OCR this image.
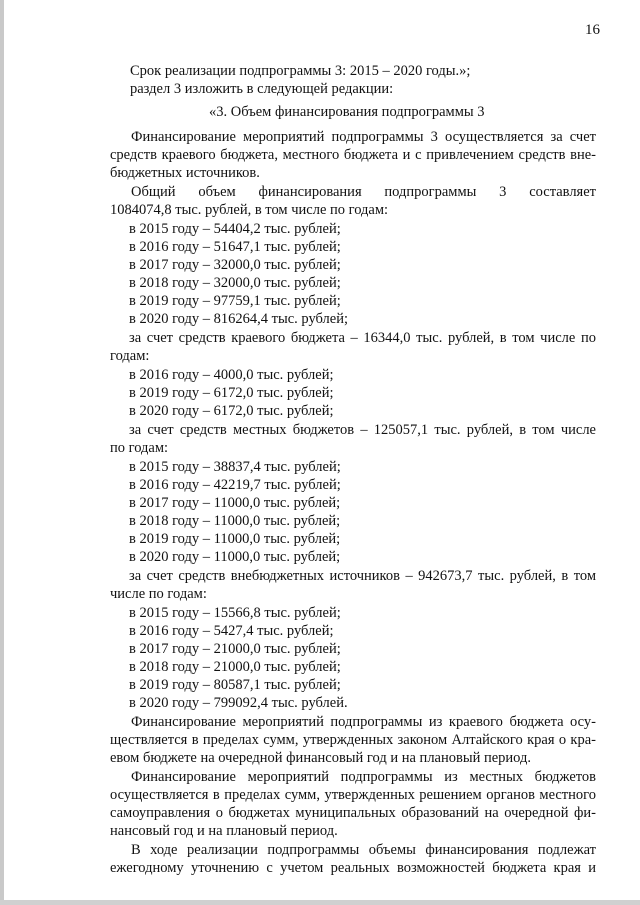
16
Срок реализации подпрограммы 3: 2015 – 2020 годы.»;
раздел 3 изложить в следующей редакции:
«3. Объем финансирования подпрограммы 3
Финансирование мероприятий подпрограммы 3 осуществляется за счет
средств краевого бюджета, местного бюджета и с привлечением средств вне-
бюджетных источников.
Общий объем финансирования подпрограммы 3 составляет
1084074,8 тыс. рублей, в том числе по годам:
в 2015 году – 54404,2 тыс. рублей;
в 2016 году – 51647,1 тыс. рублей;
в 2017 году – 32000,0 тыс. рублей;
в 2018 году – 32000,0 тыс. рублей;
в 2019 году – 97759,1 тыс. рублей;
в 2020 году – 816264,4 тыс. рублей;
за счет средств краевого бюджета – 16344,0 тыс. рублей, в том числе по
годам:
в 2016 году – 4000,0 тыс. рублей;
в 2019 году – 6172,0 тыс. рублей;
в 2020 году – 6172,0 тыс. рублей;
за счет средств местных бюджетов – 125057,1 тыс. рублей, в том числе
по годам:
в 2015 году – 38837,4 тыс. рублей;
в 2016 году – 42219,7 тыс. рублей;
в 2017 году – 11000,0 тыс. рублей;
в 2018 году – 11000,0 тыс. рублей;
в 2019 году – 11000,0 тыс. рублей;
в 2020 году – 11000,0 тыс. рублей;
за счет средств внебюджетных источников – 942673,7 тыс. рублей, в том
числе по годам:
в 2015 году – 15566,8 тыс. рублей;
в 2016 году – 5427,4 тыс. рублей;
в 2017 году – 21000,0 тыс. рублей;
в 2018 году – 21000,0 тыс. рублей;
в 2019 году – 80587,1 тыс. рублей;
в 2020 году – 799092,4 тыс. рублей.
Финансирование мероприятий подпрограммы из краевого бюджета осу-
ществляется в пределах сумм, утвержденных законом Алтайского края о кра-
евом бюджете на очередной финансовый год и на плановый период.
Финансирование мероприятий подпрограммы из местных бюджетов
осуществляется в пределах сумм, утвержденных решением органов местного
самоуправления о бюджетах муниципальных образований на очередной фи-
нансовый год и на плановый период.
В ходе реализации подпрограммы объемы финансирования подлежат
ежегодному уточнению с учетом реальных возможностей бюджета края и
